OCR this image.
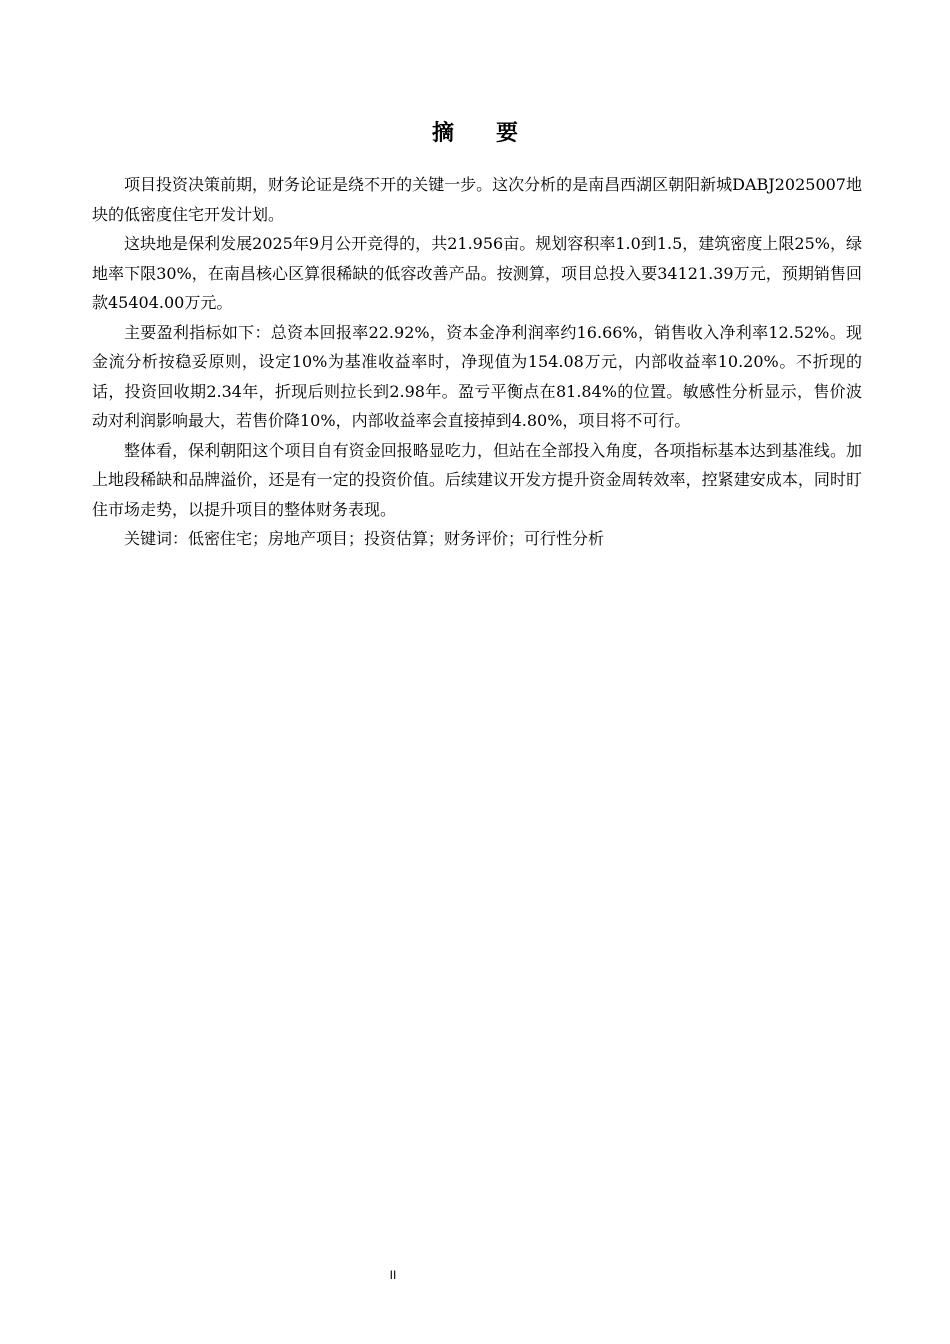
摘 要

项目投资决策前期，财务论证是绕不开的关键一步。这次分析的是南昌西湖区朝阳新城DABJ2025007地块的低密度住宅开发计划。

这块地是保利发展2025年9月公开竞得的，共21.956亩。规划容积率1.0到1.5，建筑密度上限25%，绿地率下限30%，在南昌核心区算很稀缺的低容改善产品。按测算，项目总投入要34121.39万元，预期销售回款45404.00万元。

主要盈利指标如下：总资本回报率22.92%，资本金净利润率约16.66%，销售收入净利率12.52%。现金流分析按稳妥原则，设定10%为基准收益率时，净现值为154.08万元，内部收益率10.20%。不折现的话，投资回收期2.34年，折现后则拉长到2.98年。盈亏平衡点在81.84%的位置。敏感性分析显示，售价波动对利润影响最大，若售价降10%，内部收益率会直接掉到4.80%，项目将不可行。

整体看，保利朝阳这个项目自有资金回报略显吃力，但站在全部投入角度，各项指标基本达到基准线。加上地段稀缺和品牌溢价，还是有一定的投资价值。后续建议开发方提升资金周转效率，控紧建安成本，同时盯住市场走势，以提升项目的整体财务表现。

关键词：低密住宅；房地产项目；投资估算；财务评价；可行性分析

II
